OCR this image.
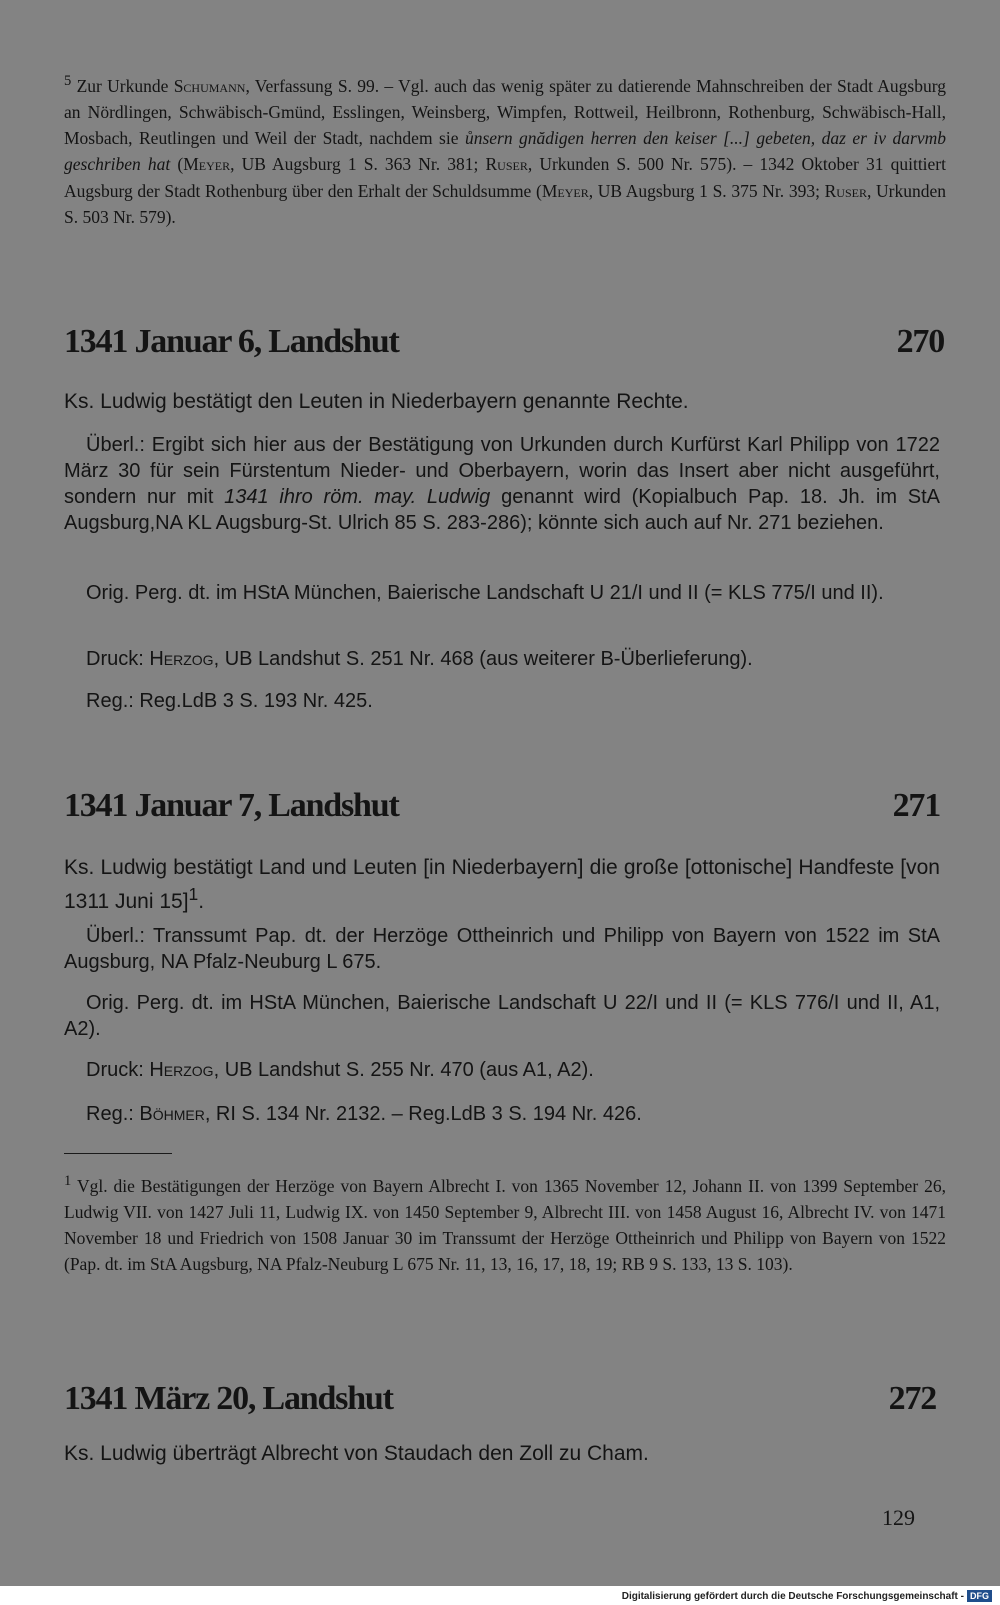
$^5$ Zur Urkunde Schumann, Verfassung S. 99. – Vgl. auch das wenig später zu datierende Mahnschreiben der Stadt Augsburg an Nördlingen, Schwäbisch-Gmünd, Esslingen, Weinsberg, Wimpfen, Rottweil, Heilbronn, Rothenburg, Schwäbisch-Hall, Mosbach, Reutlingen und Weil der Stadt, nachdem sie ůnsern gnădigen herren den keiser [...] gebeten, daz er iv darvmb geschriben hat (Meyer, UB Augsburg 1 S. 363 Nr. 381; Ruser, Urkunden S. 500 Nr. 575). – 1342 Oktober 31 quittiert Augsburg der Stadt Rothenburg über den Erhalt der Schuldsumme (Meyer, UB Augsburg 1 S. 375 Nr. 393; Ruser, Urkunden S. 503 Nr. 579).
1341 Januar 6, Landshut	270
Ks. Ludwig bestätigt den Leuten in Niederbayern genannte Rechte.
Überl.: Ergibt sich hier aus der Bestätigung von Urkunden durch Kurfürst Karl Philipp von 1722 März 30 für sein Fürstentum Nieder- und Oberbayern, worin das Insert aber nicht ausgeführt, sondern nur mit 1341 ihro röm. may. Ludwig genannt wird (Kopialbuch Pap. 18. Jh. im StA Augsburg,NA KL Augsburg-St. Ulrich 85 S. 283-286); könnte sich auch auf Nr. 271 beziehen.
Orig. Perg. dt. im HStA München, Baierische Landschaft U 21/I und II (= KLS 775/I und II).
Druck: Herzog, UB Landshut S. 251 Nr. 468 (aus weiterer B-Überlieferung).
Reg.: Reg.LdB 3 S. 193 Nr. 425.
1341 Januar 7, Landshut	271
Ks. Ludwig bestätigt Land und Leuten [in Niederbayern] die große [ottonische] Handfeste [von 1311 Juni 15]$^1$.
Überl.: Transsumt Pap. dt. der Herzöge Ottheinrich und Philipp von Bayern von 1522 im StA Augsburg, NA Pfalz-Neuburg L 675.
Orig. Perg. dt. im HStA München, Baierische Landschaft U 22/I und II (= KLS 776/I und II, A1, A2).
Druck: Herzog, UB Landshut S. 255 Nr. 470 (aus A1, A2).
Reg.: Böhmer, RI S. 134 Nr. 2132. – Reg.LdB 3 S. 194 Nr. 426.
$^1$ Vgl. die Bestätigungen der Herzöge von Bayern Albrecht I. von 1365 November 12, Johann II. von 1399 September 26, Ludwig VII. von 1427 Juli 11, Ludwig IX. von 1450 September 9, Albrecht III. von 1458 August 16, Albrecht IV. von 1471 November 18 und Friedrich von 1508 Januar 30 im Transsumt der Herzöge Ottheinrich und Philipp von Bayern von 1522 (Pap. dt. im StA Augsburg, NA Pfalz-Neuburg L 675 Nr. 11, 13, 16, 17, 18, 19; RB 9 S. 133, 13 S. 103).
1341 März 20, Landshut	272
Ks. Ludwig überträgt Albrecht von Staudach den Zoll zu Cham.
129
Digitalisierung gefördert durch die Deutsche Forschungsgemeinschaft - DFG
